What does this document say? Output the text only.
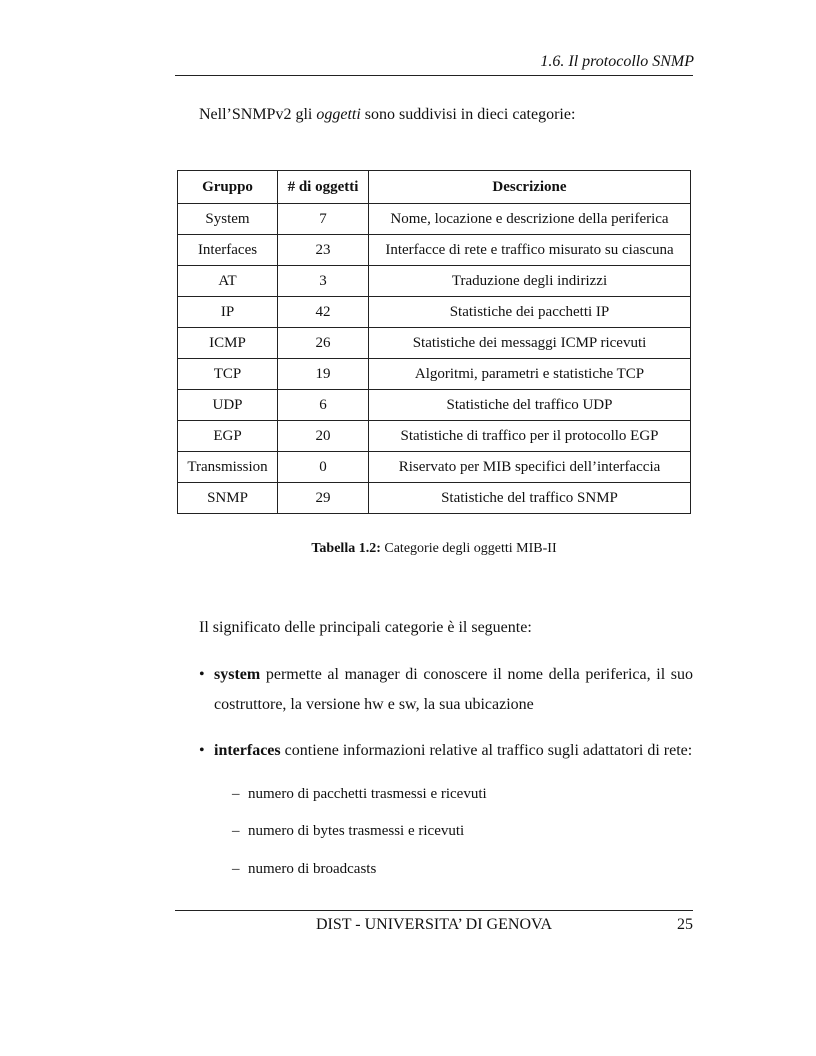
1.6. Il protocollo SNMP
Nell’SNMPv2 gli oggetti sono suddivisi in dieci categorie:
Gruppo	# di oggetti	Descrizione
System	7	Nome, locazione e descrizione della periferica
Interfaces	23	Interfacce di rete e traffico misurato su ciascuna
AT	3	Traduzione degli indirizzi
IP	42	Statistiche dei pacchetti IP
ICMP	26	Statistiche dei messaggi ICMP ricevuti
TCP	19	Algoritmi, parametri e statistiche TCP
UDP	6	Statistiche del traffico UDP
EGP	20	Statistiche di traffico per il protocollo EGP
Transmission	0	Riservato per MIB specifici dell’interfaccia
SNMP	29	Statistiche del traffico SNMP
Tabella 1.2: Categorie degli oggetti MIB-II
Il significato delle principali categorie è il seguente:
• system permette al manager di conoscere il nome della periferica, il suo costruttore, la versione hw e sw, la sua ubicazione
• interfaces contiene informazioni relative al traffico sugli adattatori di rete:
– numero di pacchetti trasmessi e ricevuti
– numero di bytes trasmessi e ricevuti
– numero di broadcasts
DIST - UNIVERSITA’ DI GENOVA	25
